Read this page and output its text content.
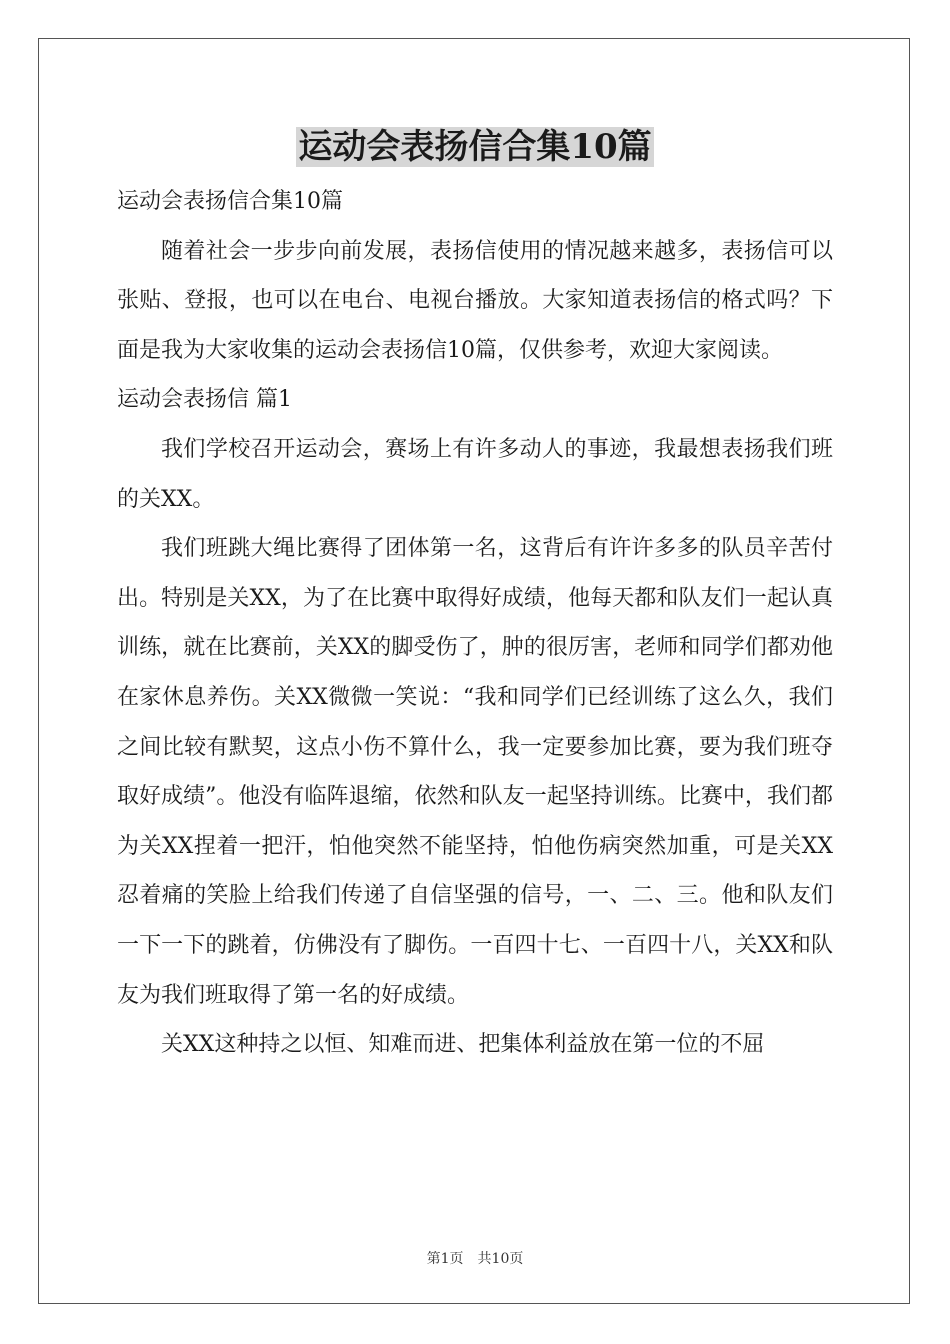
运动会表扬信合集10篇

运动会表扬信合集10篇

随着社会一步步向前发展，表扬信使用的情况越来越多，表扬信可以张贴、登报，也可以在电台、电视台播放。大家知道表扬信的格式吗？下面是我为大家收集的运动会表扬信10篇，仅供参考，欢迎大家阅读。

运动会表扬信 篇1

我们学校召开运动会，赛场上有许多动人的事迹，我最想表扬我们班的关XX。

我们班跳大绳比赛得了团体第一名，这背后有许许多多的队员辛苦付出。特别是关XX，为了在比赛中取得好成绩，他每天都和队友们一起认真训练，就在比赛前，关XX的脚受伤了，肿的很厉害，老师和同学们都劝他在家休息养伤。关XX微微一笑说：“我和同学们已经训练了这么久，我们之间比较有默契，这点小伤不算什么，我一定要参加比赛，要为我们班夺取好成绩”。他没有临阵退缩，依然和队友一起坚持训练。比赛中，我们都为关XX捏着一把汗，怕他突然不能坚持，怕他伤病突然加重，可是关XX忍着痛的笑脸上给我们传递了自信坚强的信号，一、二、三。他和队友们一下一下的跳着，仿佛没有了脚伤。一百四十七、一百四十八，关XX和队友为我们班取得了第一名的好成绩。

关XX这种持之以恒、知难而进、把集体利益放在第一位的不屈

第1页　共10页
